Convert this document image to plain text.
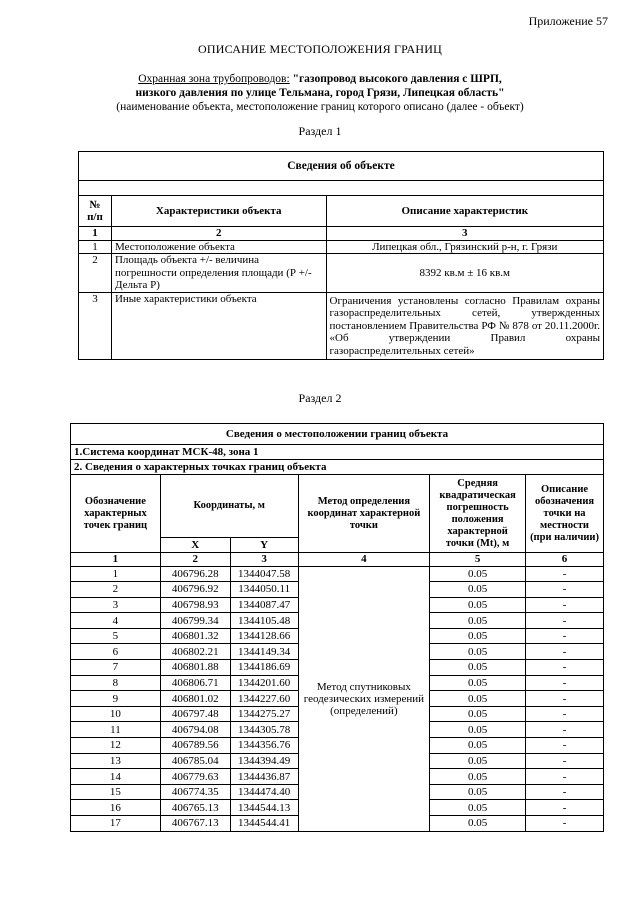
Приложение 57
ОПИСАНИЕ МЕСТОПОЛОЖЕНИЯ ГРАНИЦ
Охранная зона трубопроводов: "газопровод высокого давления с ШРП,
низкого давления по улице Тельмана, город Грязи, Липецкая область"
(наименование объекта, местоположение границ которого описано (далее - объект)
Раздел 1
Сведения об объекте		

№
п/п	Характеристики объекта	Описание характеристик
1	2	3
1	Местоположение объекта	Липецкая обл., Грязинский р-н, г. Грязи
2	Площадь объекта +/- величина погрешности определения площади (Р +/- Дельта Р)	8392 кв.м ± 16 кв.м
3	Иные характеристики объекта	Ограничения установлены согласно Правилам охраны газораспределительных сетей, утвержденных постановлением Правительства РФ № 878 от 20.11.2000г. «Об утверждении Правил охраны газораспределительных сетей»
Раздел 2
Сведения о местоположении границ объекта					
1.Система координат МСК-48, зона 1					
2. Сведения о характерных точках границ объекта					
Обозначение характерных точек границ	Координаты, м		Метод определения координат характерной точки	Средняя квадратическая погрешность положения характерной точки (Mt), м	Описание обозначения точки на местности (при наличии)
	X	Y			
1	2	3	4	5	6
1	406796.28	1344047.58	Метод спутниковых геодезических измерений (определений)	0.05	-
2	406796.92	1344050.11		0.05	-
3	406798.93	1344087.47		0.05	-
4	406799.34	1344105.48		0.05	-
5	406801.32	1344128.66		0.05	-
6	406802.21	1344149.34		0.05	-
7	406801.88	1344186.69		0.05	-
8	406806.71	1344201.60		0.05	-
9	406801.02	1344227.60		0.05	-
10	406797.48	1344275.27		0.05	-
11	406794.08	1344305.78		0.05	-
12	406789.56	1344356.76		0.05	-
13	406785.04	1344394.49		0.05	-
14	406779.63	1344436.87		0.05	-
15	406774.35	1344474.40		0.05	-
16	406765.13	1344544.13		0.05	-
17	406767.13	1344544.41		0.05	-
